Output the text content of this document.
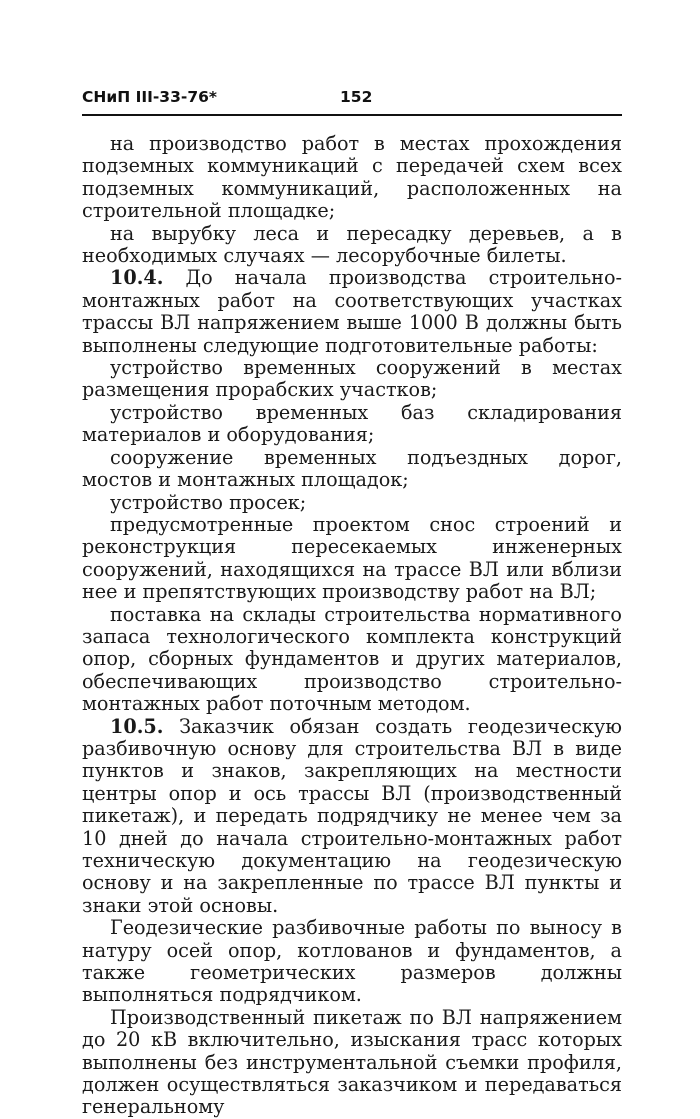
СНиП III-33-76*	152

на производство работ в местах прохождения подземных коммуникаций с передачей схем всех подземных коммуникаций, расположенных на строительной площадке;

на вырубку леса и пересадку деревьев, а в необходимых случаях — лесорубочные билеты.

10.4. До начала производства строительно-монтажных работ на соответствующих участках трассы ВЛ напряжением выше 1000 В должны быть выполнены следующие подготовительные работы:

устройство временных сооружений в местах размещения прорабских участков;

устройство временных баз складирования материалов и оборудования;

сооружение временных подъездных дорог, мостов и монтажных площадок;

устройство просек;

предусмотренные проектом снос строений и реконструкция пересекаемых инженерных сооружений, находящихся на трассе ВЛ или вблизи нее и препятствующих производству работ на ВЛ;

поставка на склады строительства нормативного запаса технологического комплекта конструкций опор, сборных фундаментов и других материалов, обеспечивающих производство строительно-монтажных работ поточным методом.

10.5. Заказчик обязан создать геодезическую разбивочную основу для строительства ВЛ в виде пунктов и знаков, закрепляющих на местности центры опор и ось трассы ВЛ (производственный пикетаж), и передать подрядчику не менее чем за 10 дней до начала строительно-монтажных работ техническую документацию на геодезическую основу и на закрепленные по трассе ВЛ пункты и знаки этой основы.

Геодезические разбивочные работы по выносу в натуру осей опор, котлованов и фундаментов, а также геометрических размеров должны выполняться подрядчиком.

Производственный пикетаж по ВЛ напряжением до 20 кВ включительно, изыскания трасс которых выполнены без инструментальной съемки профиля, должен осуществляться заказчиком и передаваться генеральному
